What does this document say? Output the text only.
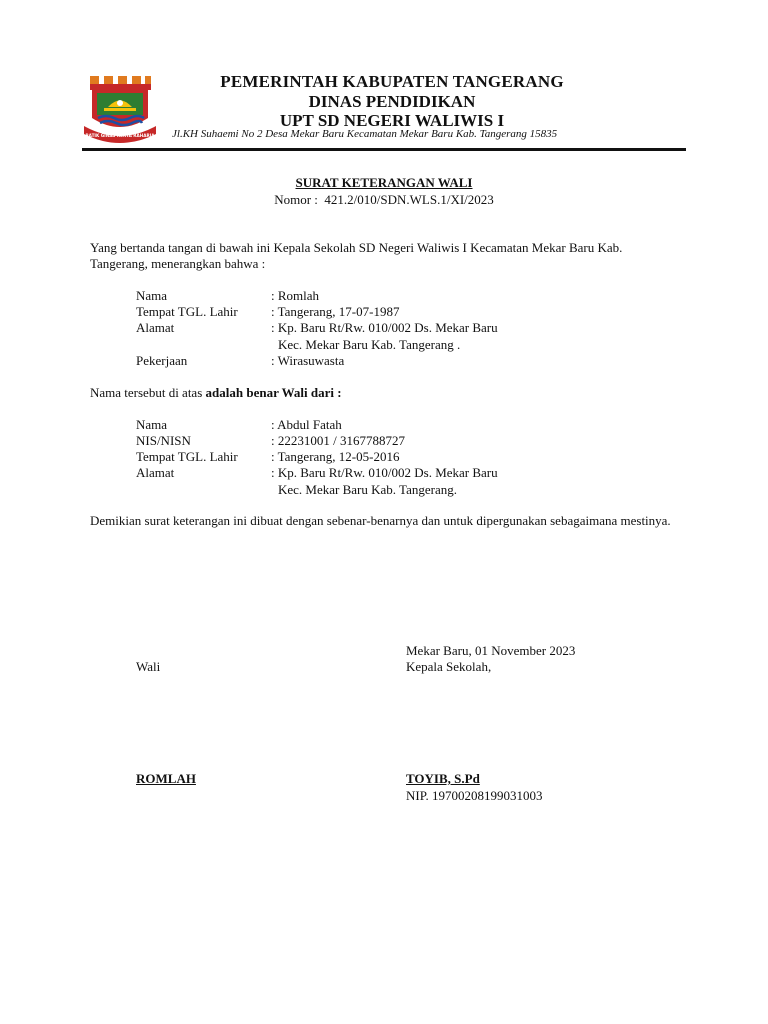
BATIK GINAS KERTA RAHARJA
PEMERINTAH KABUPATEN TANGERANG
DINAS PENDIDIKAN
UPT SD NEGERI WALIWIS I
Jl.KH Suhaemi No 2 Desa Mekar Baru Kecamatan Mekar Baru Kab. Tangerang 15835
SURAT KETERANGAN WALI
Nomor :  421.2/010/SDN.WLS.1/XI/2023
Yang bertanda tangan di bawah ini Kepala Sekolah SD Negeri Waliwis I Kecamatan Mekar Baru Kab. Tangerang, menerangkan bahwa :
Nama	: Romlah
Tempat TGL. Lahir	: Tangerang, 17-07-1987
Alamat	: Kp. Baru Rt/Rw. 010/002 Ds. Mekar Baru
Kec. Mekar Baru Kab. Tangerang .
Pekerjaan	: Wirasuwasta
Nama tersebut di atas adalah benar Wali dari :
Nama	: Abdul Fatah
NIS/NISN	: 22231001 / 3167788727
Tempat TGL. Lahir	: Tangerang, 12-05-2016
Alamat	: Kp. Baru Rt/Rw. 010/002 Ds. Mekar Baru
Kec. Mekar Baru Kab. Tangerang.
Demikian surat keterangan ini dibuat dengan sebenar-benarnya dan untuk dipergunakan sebagaimana mestinya.
Mekar Baru, 01 November 2023
Wali	Kepala Sekolah,
ROMLAH	TOYIB, S.Pd
NIP. 19700208199031003
